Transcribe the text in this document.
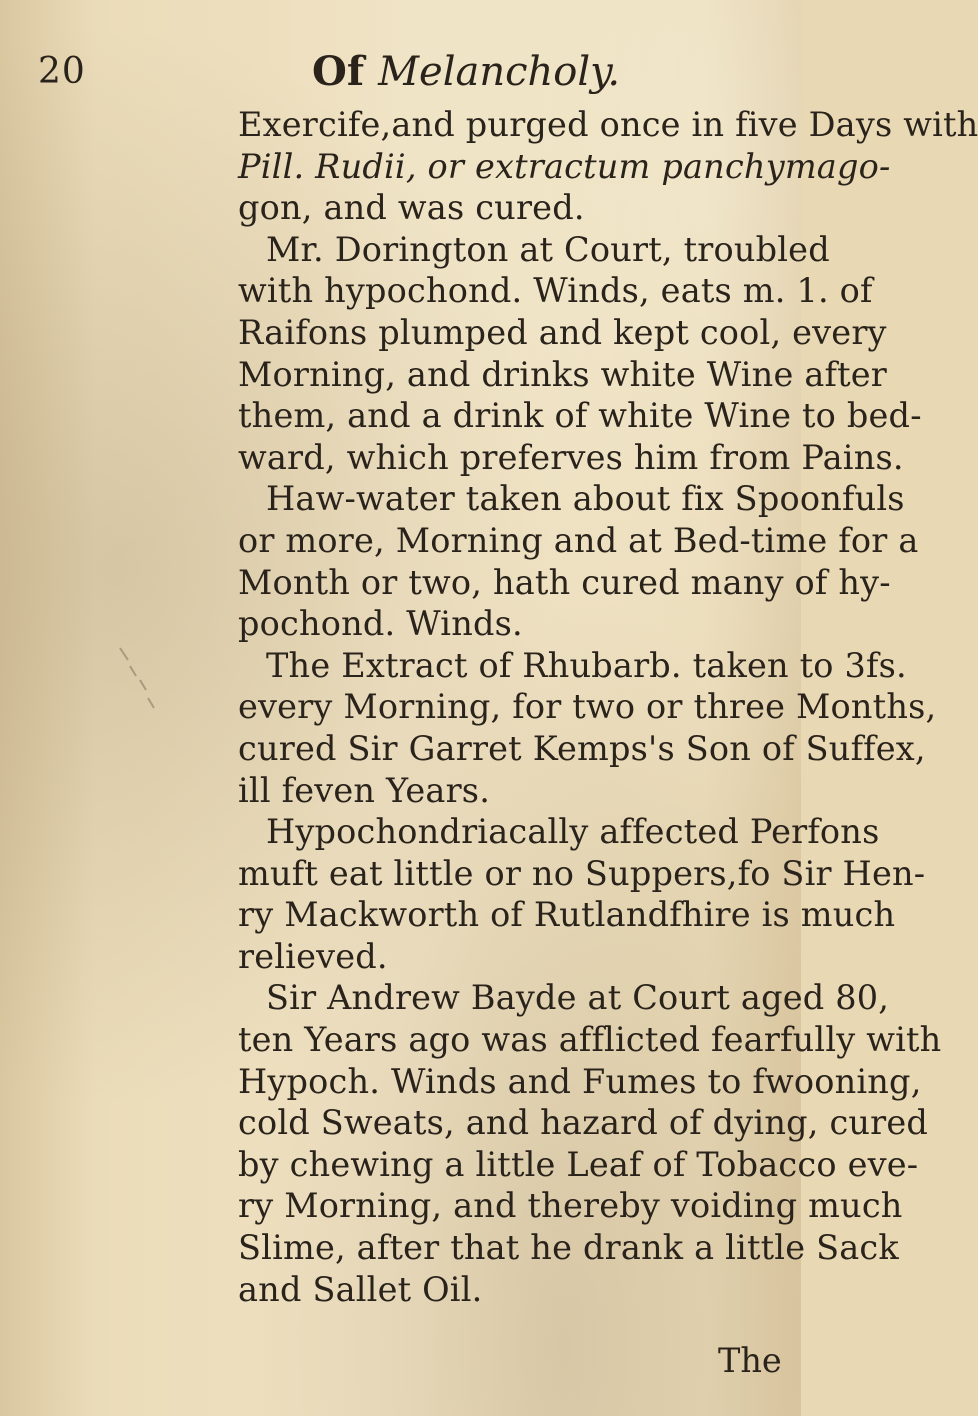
20	Of Melancholy.
Exercife,and purged once in five Days with
Pill. Rudii, or extractum panchymago-
gon, and was cured.
Mr. Dorington at Court, troubled
with hypochond. Winds, eats m. 1. of
Raifons plumped and kept cool, every
Morning, and drinks white Wine after
them, and a drink of white Wine to bed-
ward, which preferves him from Pains.
Haw-water taken about fix Spoonfuls
or more, Morning and at Bed-time for a
Month or two, hath cured many of hy-
pochond. Winds.
The Extract of Rhubarb. taken to 3fs.
every Morning, for two or three Months,
cured Sir Garret Kemps's Son of Suffex,
ill feven Years.
Hypochondriacally affected Perfons
muft eat little or no Suppers,fo Sir Hen-
ry Mackworth of Rutlandfhire is much
relieved.
Sir Andrew Bayde at Court aged 80,
ten Years ago was afflicted fearfully with
Hypoch. Winds and Fumes to fwooning,
cold Sweats, and hazard of dying, cured
by chewing a little Leaf of Tobacco eve-
ry Morning, and thereby voiding much
Slime, after that he drank a little Sack
and Sallet Oil.
The
